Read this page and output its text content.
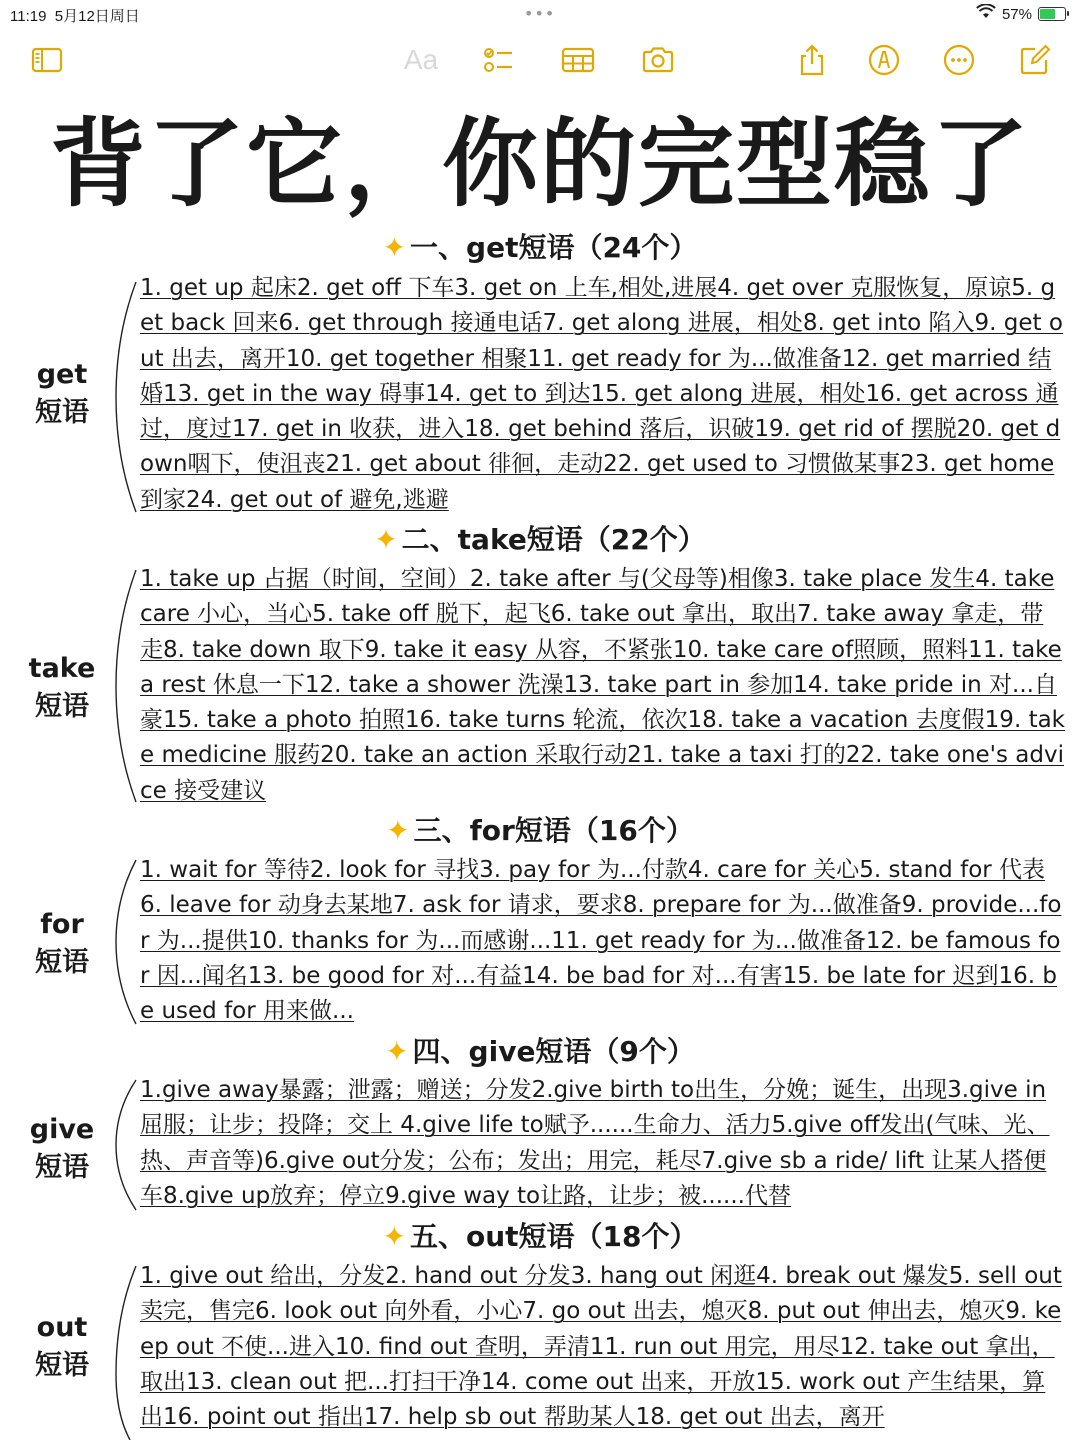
11:19 5月12日周日	•••	57%
Aa
背了它，你的完型稳了
✦ 一、get短语（24个）
get
短语
1. get up 起床2. get off 下车3. get on 上车,相处,进展4. get over 克服恢复，原谅5. get back 回来6. get through 接通电话7. get along 进展，相处8. get into 陷入9. get out 出去，离开10. get together 相聚11. get ready for 为...做准备12. get married 结婚13. get in the way 碍事14. get to 到达15. get along 进展，相处16. get across 通过，度过17. get in 收获，进入18. get behind 落后，识破19. get rid of 摆脱20. get down咽下，使沮丧21. get about 徘徊，走动22. get used to 习惯做某事23. get home 到家24. get out of 避免,逃避
✦ 二、take短语（22个）
take
短语
1. take up 占据（时间，空间）2. take after 与(父母等)相像3. take place 发生4. take care 小心，当心5. take off 脱下，起飞6. take out 拿出，取出7. take away 拿走，带走8. take down 取下9. take it easy 从容，不紧张10. take care of照顾，照料11. take a rest 休息一下12. take a shower 洗澡13. take part in 参加14. take pride in 对...自豪15. take a photo 拍照16. take turns 轮流，依次18. take a vacation 去度假19. take medicine 服药20. take an action 采取行动21. take a taxi 打的22. take one's advice 接受建议
✦ 三、for短语（16个）
for
短语
1. wait for 等待2. look for 寻找3. pay for 为...付款4. care for 关心5. stand for 代表6. leave for 动身去某地7. ask for 请求，要求8. prepare for 为...做准备9. provide...for 为...提供10. thanks for 为...而感谢...11. get ready for 为...做准备12. be famous for 因...闻名13. be good for 对...有益14. be bad for 对...有害15. be late for 迟到16. be used for 用来做...
✦ 四、give短语（9个）
give
短语
1.give away暴露；泄露；赠送；分发2.give birth to出生，分娩；诞生，出现3.give in屈服；让步；投降；交上 4.give life to赋予......生命力、活力5.give off发出(气味、光、热、声音等)6.give out分发；公布；发出；用完，耗尽7.give sb a ride/ lift 让某人搭便车8.give up放弃；停立9.give way to让路，让步；被......代替
✦ 五、out短语（18个）
out
短语
1. give out 给出，分发2. hand out 分发3. hang out 闲逛4. break out 爆发5. sell out 卖完，售完6. look out 向外看，小心7. go out 出去，熄灭8. put out 伸出去，熄灭9. keep out 不使...进入10. find out 查明，弄清11. run out 用完，用尽12. take out 拿出，取出13. clean out 把...打扫干净14. come out 出来，开放15. work out 产生结果，算出16. point out 指出17. help sb out 帮助某人18. get out 出去，离开
